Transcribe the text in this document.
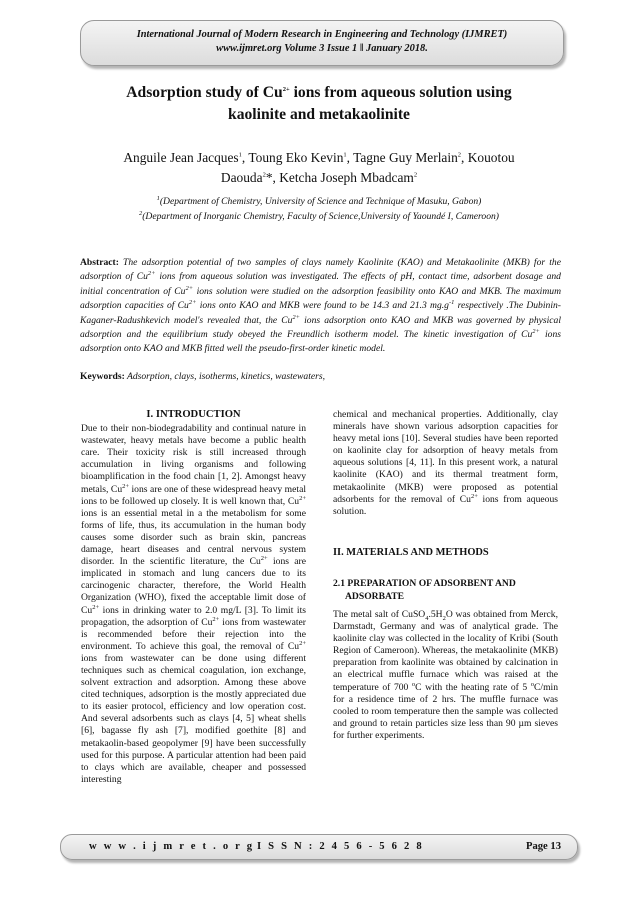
International Journal of Modern Research in Engineering and Technology (IJMRET)
www.ijmret.org Volume 3 Issue 1 ǁ January 2018.
Adsorption study of $Cu^{2+}$ ions from aqueous solution using
kaolinite and metakaolinite
Anguile Jean Jacques$^1$, Toung Eko Kevin$^1$, Tagne Guy Merlain$^2$, Kouotou
Daouda$^2$*, Ketcha Joseph Mbadcam$^2$
$^1$(Department of Chemistry, University of Science and Technique of Masuku, Gabon)
$^2$(Department of Inorganic Chemistry, Faculty of Science,University of Yaoundé I, Cameroon)
Abstract: The adsorption potential of two samples of clays namely Kaolinite (KAO) and Metakaolinite (MKB) for the adsorption of $Cu^{2+}$ ions from aqueous solution was investigated. The effects of pH, contact time, adsorbent dosage and initial concentration of $Cu^{2+}$ ions solution were studied on the adsorption feasibility onto KAO and MKB. The maximum adsorption capacities of $Cu^{2+}$ ions onto KAO and MKB were found to be 14.3 and 21.3 $mg.g^{-1}$ respectively .The Dubinin-Kaganer-Radushkevich model's revealed that, the $Cu^{2+}$ ions adsorption onto KAO and MKB was governed by physical adsorption and the equilibrium study obeyed the Freundlich isotherm model. The kinetic investigation of $Cu^{2+}$ ions adsorption onto KAO and MKB fitted well the pseudo-first-order kinetic model.
Keywords: Adsorption, clays, isotherms, kinetics, wastewaters,
I. INTRODUCTION

Due to their non-biodegradability and continual nature in wastewater, heavy metals have become a public health care. Their toxicity risk is still increased through accumulation in living organisms and following bioamplification in the food chain [1, 2]. Amongst heavy metals, $Cu^{2+}$ ions are one of these widespread heavy metal ions to be followed up closely. It is well known that, $Cu^{2+}$ ions is an essential metal in a the metabolism for some forms of life, thus, its accumulation in the human body causes some disorder such as brain skin, pancreas damage, heart diseases and central nervous system disorder. In the scientific literature, the $Cu^{2+}$ ions are implicated in stomach and lung cancers due to its carcinogenic character, therefore, the World Health Organization (WHO), fixed the acceptable limit dose of $Cu^{2+}$ ions in drinking water to 2.0 mg/L [3]. To limit its propagation, the adsorption of $Cu^{2+}$ ions from wastewater is recommended before their rejection into the environment. To achieve this goal, the removal of $Cu^{2+}$ ions from wastewater can be done using different techniques such as chemical coagulation, ion exchange, solvent extraction and adsorption. Among these above cited techniques, adsorption is the mostly appreciated due to its easier protocol, efficiency and low operation cost. And several adsorbents such as clays [4, 5] wheat shells [6], bagasse fly ash [7], modified goethite [8] and metakaolin-based geopolymer [9] have been successfully used for this purpose. A particular attention had been paid to clays which are available, cheaper and possessed interesting

chemical and mechanical properties. Additionally, clay minerals have shown various adsorption capacities for heavy metal ions [10]. Several studies have been reported on kaolinite clay for adsorption of heavy metals from aqueous solutions [4, 11]. In this present work, a natural kaolinite (KAO) and its thermal treatment form, metakaolinite (MKB) were proposed as potential adsorbents for the removal of $Cu^{2+}$ ions from aqueous solution.

II. MATERIALS AND METHODS
2.1 PREPARATION OF ADSORBENT AND
ADSORBATE

The metal salt of $CuSO_4.5H_2O$ was obtained from Merck, Darmstadt, Germany and was of analytical grade. The kaolinite clay was collected in the locality of Kribi (South Region of Cameroon). Whereas, the metakaolinite (MKB) preparation from kaolinite was obtained by calcination in an electrical muffle furnace which was raised at the temperature of 700 $^o$C with the heating rate of 5 $^o$C/min for a residence time of 2 hrs. The muffle furnace was cooled to room temperature then the sample was collected and ground to retain particles size less than 90 µm sieves for further experiments.

w w w . i j m r e t . o r g I S S N : 2 4 5 6 - 5 6 2 8	Page 13
